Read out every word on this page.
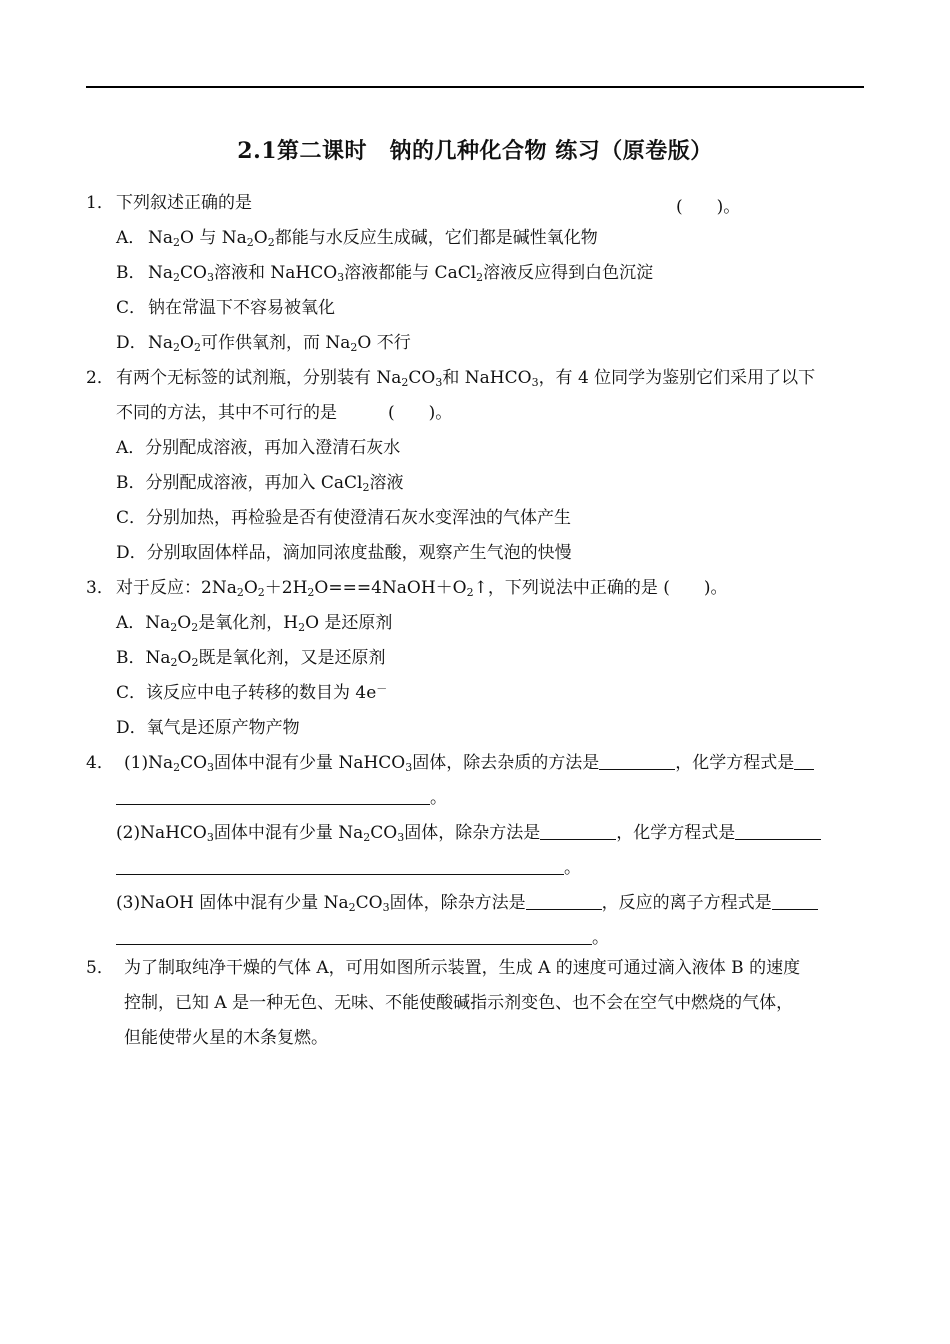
2.1第二课时　钠的几种化合物 练习（原卷版）
1． 下列叙述正确的是	(　　)。
A． $Na_2O$ 与 $Na_2O_2$都能与水反应生成碱，它们都是碱性氧化物
B． $Na_2CO_3$溶液和 NaHCO$_3$溶液都能与 CaCl$_2$溶液反应得到白色沉淀
C． 钠在常温下不容易被氧化
D．$Na_2O_2$可作供氧剂，而 $Na_2O$ 不行
2． 有两个无标签的试剂瓶，分别装有 $Na_2CO_3$和 NaHCO$_3$，有 4 位同学为鉴别它们采用了以下
不同的方法，其中不可行的是　　　(　　)。
A．分别配成溶液，再加入澄清石灰水
B．分别配成溶液，再加入 CaCl$_2$溶液
C．分别加热，再检验是否有使澄清石灰水变浑浊的气体产生
D．分别取固体样品，滴加同浓度盐酸，观察产生气泡的快慢
3． 对于反应：$2Na_2O_2+2H_2O===4NaOH+O_2↑$，下列说法中正确的是 (　　)。
A．$Na_2O_2$是氧化剂，$H_2O$ 是还原剂
B．$Na_2O_2$既是氧化剂，又是还原剂
C．该反应中电子转移的数目为 4e－
D．氧气是还原产物产物
4． $(1)Na_2CO_3$固体中混有少量 NaHCO$_3$固体，除去杂质的方法是	，化学方程式是
。
(2)NaHCO$_3$固体中混有少量 $Na_2CO_3$固体，除杂方法是	，化学方程式是
。
(3)NaOH 固体中混有少量 $Na_2CO_3$固体，除杂方法是	，反应的离子方程式是
。
5． 为了制取纯净干燥的气体 A，可用如图所示装置，生成 A 的速度可通过滴入液体 B 的速度
控制，已知 A 是一种无色、无味、不能使酸碱指示剂变色、也不会在空气中燃烧的气体，
但能使带火星的木条复燃。
